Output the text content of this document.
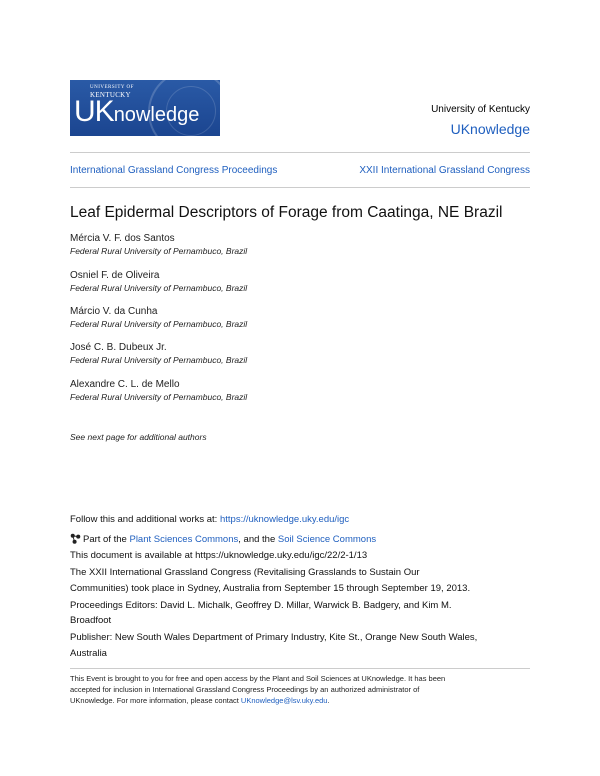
UNIVERSITY OF
KENTUCKY
UKnowledge	University of Kentucky
UKnowledge
International Grassland Congress Proceedings	XXII International Grassland Congress
Leaf Epidermal Descriptors of Forage from Caatinga, NE Brazil
Mércia V. F. dos Santos
Federal Rural University of Pernambuco, Brazil
Osniel F. de Oliveira
Federal Rural University of Pernambuco, Brazil
Márcio V. da Cunha
Federal Rural University of Pernambuco, Brazil
José C. B. Dubeux Jr.
Federal Rural University of Pernambuco, Brazil
Alexandre C. L. de Mello
Federal Rural University of Pernambuco, Brazil
See next page for additional authors
Follow this and additional works at: https://uknowledge.uky.edu/igc
Part of the Plant Sciences Commons, and the Soil Science Commons
This document is available at https://uknowledge.uky.edu/igc/22/2-1/13
The XXII International Grassland Congress (Revitalising Grasslands to Sustain Our
Communities) took place in Sydney, Australia from September 15 through September 19, 2013.
Proceedings Editors: David L. Michalk, Geoffrey D. Millar, Warwick B. Badgery, and Kim M.
Broadfoot
Publisher: New South Wales Department of Primary Industry, Kite St., Orange New South Wales,
Australia
This Event is brought to you for free and open access by the Plant and Soil Sciences at UKnowledge. It has been
accepted for inclusion in International Grassland Congress Proceedings by an authorized administrator of
UKnowledge. For more information, please contact UKnowledge@lsv.uky.edu.
